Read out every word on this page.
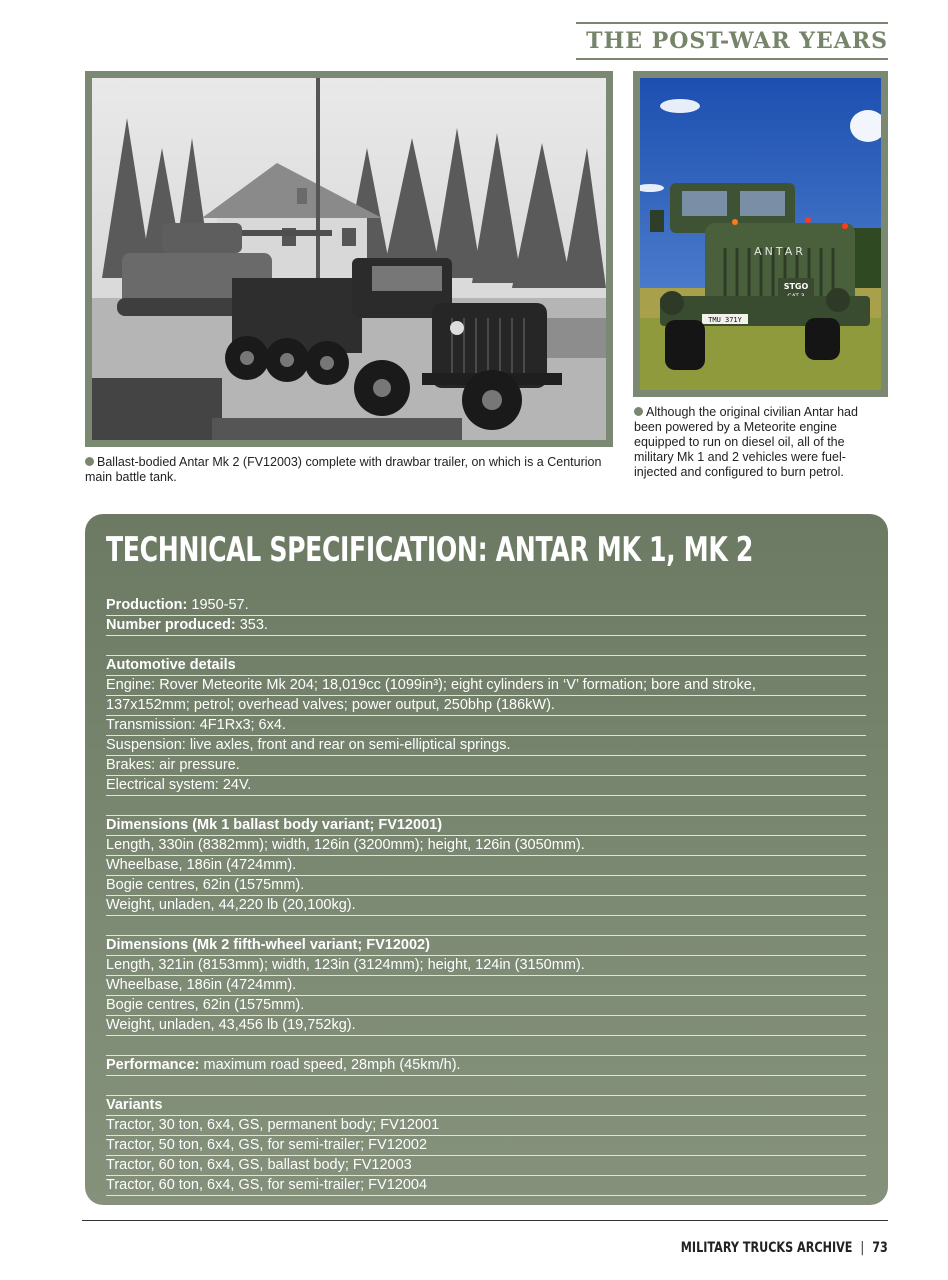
THE POST-WAR YEARS
ANTAR
STGO
TMU 371Y
Ballast-bodied Antar Mk 2 (FV12003) complete with drawbar trailer, on which is a Centurion main battle tank.
Although the original civilian Antar had been powered by a Meteorite engine equipped to run on diesel oil, all of the military Mk 1 and 2 vehicles were fuel-injected and configured to burn petrol.
TECHNICAL SPECIFICATION: ANTAR MK 1, MK 2
Production: 1950-57.
Number produced: 353.
Automotive details
Engine: Rover Meteorite Mk 204; 18,019cc (1099in³); eight cylinders in ‘V’ formation; bore and stroke,
137x152mm; petrol; overhead valves; power output, 250bhp (186kW).
Transmission: 4F1Rx3; 6x4.
Suspension: live axles, front and rear on semi-elliptical springs.
Brakes: air pressure.
Electrical system: 24V.
Dimensions (Mk 1 ballast body variant; FV12001)
Length, 330in (8382mm); width, 126in (3200mm); height, 126in (3050mm).
Wheelbase, 186in (4724mm).
Bogie centres, 62in (1575mm).
Weight, unladen, 44,220 lb (20,100kg).
Dimensions (Mk 2 fifth-wheel variant; FV12002)
Length, 321in (8153mm); width, 123in (3124mm); height, 124in (3150mm).
Wheelbase, 186in (4724mm).
Bogie centres, 62in (1575mm).
Weight, unladen, 43,456 lb (19,752kg).
Performance: maximum road speed, 28mph (45km/h).
Variants
Tractor, 30 ton, 6x4, GS, permanent body; FV12001
Tractor, 50 ton, 6x4, GS, for semi-trailer; FV12002
Tractor, 60 ton, 6x4, GS, ballast body; FV12003
Tractor, 60 ton, 6x4, GS, for semi-trailer; FV12004
MILITARY TRUCKS ARCHIVE | 73
